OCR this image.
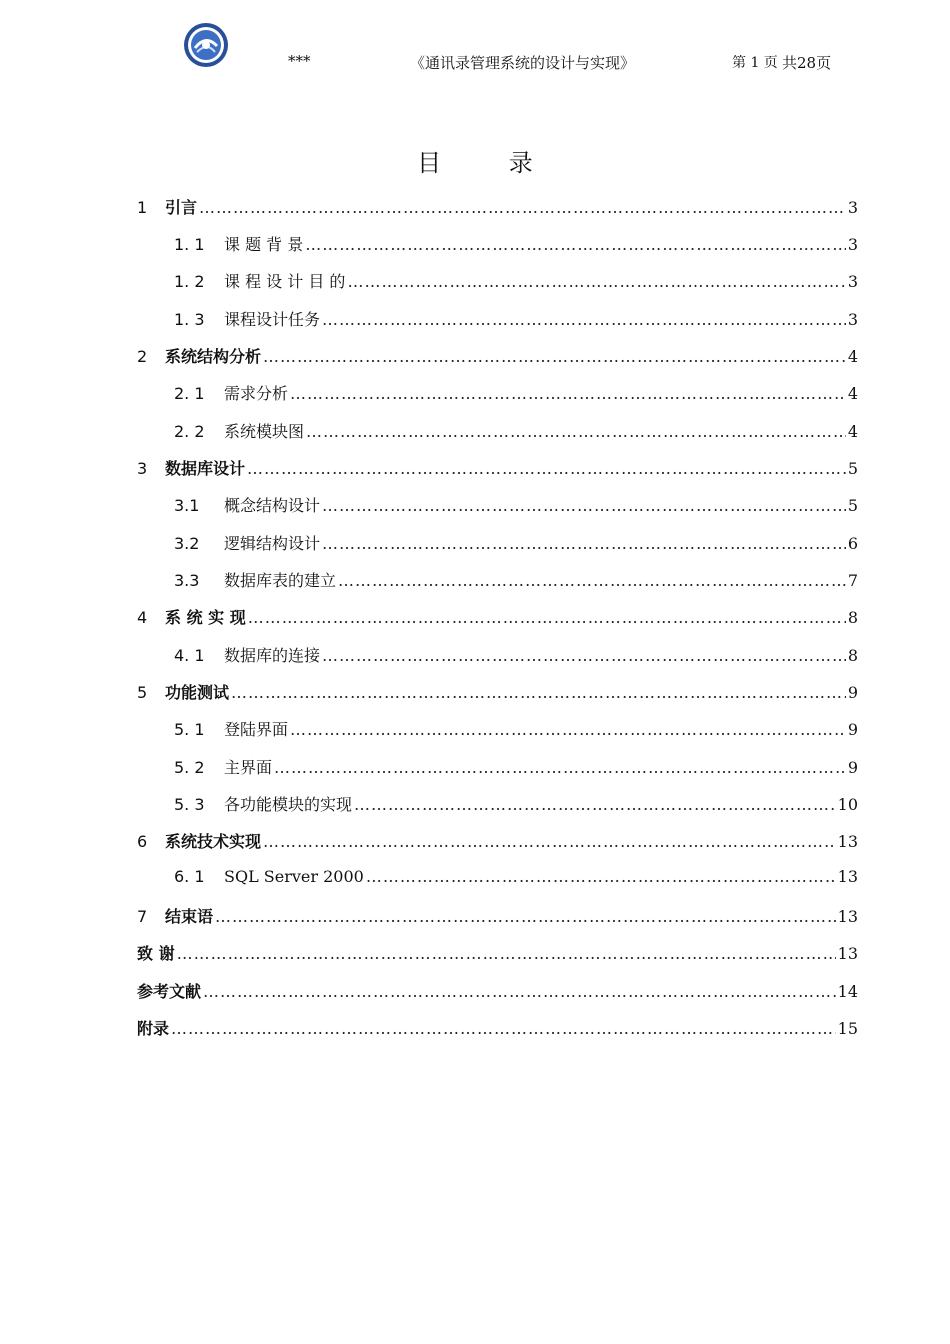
***	《通讯录管理系统的设计与实现》	第 1 页 共28页
目 录
1	引言 …………………………………………………………………………………………………………………………………………………………………………………………	3
1. 1	课 题 背 景 …………………………………………………………………………………………………………………………………………………………………………………………	3
1. 2	课 程 设 计 目 的 …………………………………………………………………………………………………………………………………………………………………………………………	3
1. 3	课程设计任务 …………………………………………………………………………………………………………………………………………………………………………………………	3
2	系统结构分析 …………………………………………………………………………………………………………………………………………………………………………………………	4
2. 1	需求分析 …………………………………………………………………………………………………………………………………………………………………………………………	4
2. 2	系统模块图 …………………………………………………………………………………………………………………………………………………………………………………………	4
3	数据库设计 …………………………………………………………………………………………………………………………………………………………………………………………	5
3.1	概念结构设计 …………………………………………………………………………………………………………………………………………………………………………………………	5
3.2	逻辑结构设计 …………………………………………………………………………………………………………………………………………………………………………………………	6
3.3	数据库表的建立 …………………………………………………………………………………………………………………………………………………………………………………………	7
4	系 统 实 现 …………………………………………………………………………………………………………………………………………………………………………………………	8
4. 1	数据库的连接 …………………………………………………………………………………………………………………………………………………………………………………………	8
5	功能测试 …………………………………………………………………………………………………………………………………………………………………………………………	9
5. 1	登陆界面 …………………………………………………………………………………………………………………………………………………………………………………………	9
5. 2	主界面 …………………………………………………………………………………………………………………………………………………………………………………………	9
5. 3	各功能模块的实现 …………………………………………………………………………………………………………………………………………………………………………………………	10
6	系统技术实现 …………………………………………………………………………………………………………………………………………………………………………………………	13
6. 1	SQL Server 2000 …………………………………………………………………………………………………………………………………………………………………………………………	13
7	结束语 …………………………………………………………………………………………………………………………………………………………………………………………	13
致 谢 …………………………………………………………………………………………………………………………………………………………………………………………	13
参考文献 …………………………………………………………………………………………………………………………………………………………………………………………	14
附录 …………………………………………………………………………………………………………………………………………………………………………………………	15
